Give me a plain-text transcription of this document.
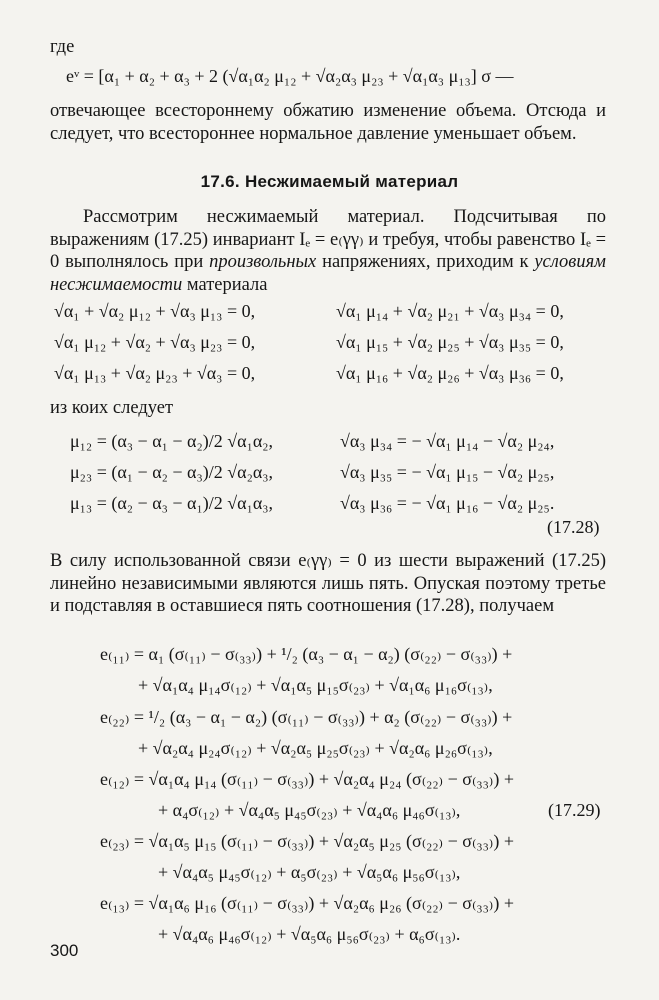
где
eᵛ = [α₁ + α₂ + α₃ + 2 (√α₁α₂ μ₁₂ + √α₂α₃ μ₂₃ + √α₁α₃ μ₁₃] σ —
отвечающее всестороннему обжатию изменение объема. Отсюда и следует, что всестороннее нормальное давление уменьшает объем.
17.6. Несжимаемый материал
Рассмотрим несжимаемый материал. Подсчитывая по выражениям (17.25) инвариант Iₑ = e₍γγ₎ и требуя, чтобы равенство Iₑ = 0 выполнялось при произвольных напряжениях, приходим к условиям несжимаемости материала
√α₁ + √α₂ μ₁₂ + √α₃ μ₁₃ = 0,	√α₁ μ₁₄ + √α₂ μ₂₁ + √α₃ μ₃₄ = 0,
√α₁ μ₁₂ + √α₂ + √α₃ μ₂₃ = 0,	√α₁ μ₁₅ + √α₂ μ₂₅ + √α₃ μ₃₅ = 0,
√α₁ μ₁₃ + √α₂ μ₂₃ + √α₃ = 0,	√α₁ μ₁₆ + √α₂ μ₂₆ + √α₃ μ₃₆ = 0,
из коих следует
μ₁₂ = (α₃ − α₁ − α₂)/2 √α₁α₂,	√α₃ μ₃₄ = − √α₁ μ₁₄ − √α₂ μ₂₄,
μ₂₃ = (α₁ − α₂ − α₃)/2 √α₂α₃,	√α₃ μ₃₅ = − √α₁ μ₁₅ − √α₂ μ₂₅,
μ₁₃ = (α₂ − α₃ − α₁)/2 √α₁α₃,	√α₃ μ₃₆ = − √α₁ μ₁₆ − √α₂ μ₂₅.
(17.28)
В силу использованной связи e₍γγ₎ = 0 из шести выражений (17.25) линейно независимыми являются лишь пять. Опуская поэтому третье и подставляя в оставшиеся пять соотношения (17.28), получаем
e₍₁₁₎ = α₁ (σ₍₁₁₎ − σ₍₃₃₎) + ¹/₂ (α₃ − α₁ − α₂) (σ₍₂₂₎ − σ₍₃₃₎) +
+ √α₁α₄ μ₁₄σ₍₁₂₎ + √α₁α₅ μ₁₅σ₍₂₃₎ + √α₁α₆ μ₁₆σ₍₁₃₎,
e₍₂₂₎ = ¹/₂ (α₃ − α₁ − α₂) (σ₍₁₁₎ − σ₍₃₃₎) + α₂ (σ₍₂₂₎ − σ₍₃₃₎) +
+ √α₂α₄ μ₂₄σ₍₁₂₎ + √α₂α₅ μ₂₅σ₍₂₃₎ + √α₂α₆ μ₂₆σ₍₁₃₎,
e₍₁₂₎ = √α₁α₄ μ₁₄ (σ₍₁₁₎ − σ₍₃₃₎) + √α₂α₄ μ₂₄ (σ₍₂₂₎ − σ₍₃₃₎) +
+ α₄σ₍₁₂₎ + √α₄α₅ μ₄₅σ₍₂₃₎ + √α₄α₆ μ₄₆σ₍₁₃₎,	(17.29)
e₍₂₃₎ = √α₁α₅ μ₁₅ (σ₍₁₁₎ − σ₍₃₃₎) + √α₂α₅ μ₂₅ (σ₍₂₂₎ − σ₍₃₃₎) +
+ √α₄α₅ μ₄₅σ₍₁₂₎ + α₅σ₍₂₃₎ + √α₅α₆ μ₅₆σ₍₁₃₎,
e₍₁₃₎ = √α₁α₆ μ₁₆ (σ₍₁₁₎ − σ₍₃₃₎) + √α₂α₆ μ₂₆ (σ₍₂₂₎ − σ₍₃₃₎) +
+ √α₄α₆ μ₄₆σ₍₁₂₎ + √α₅α₆ μ₅₆σ₍₂₃₎ + α₆σ₍₁₃₎.
300
